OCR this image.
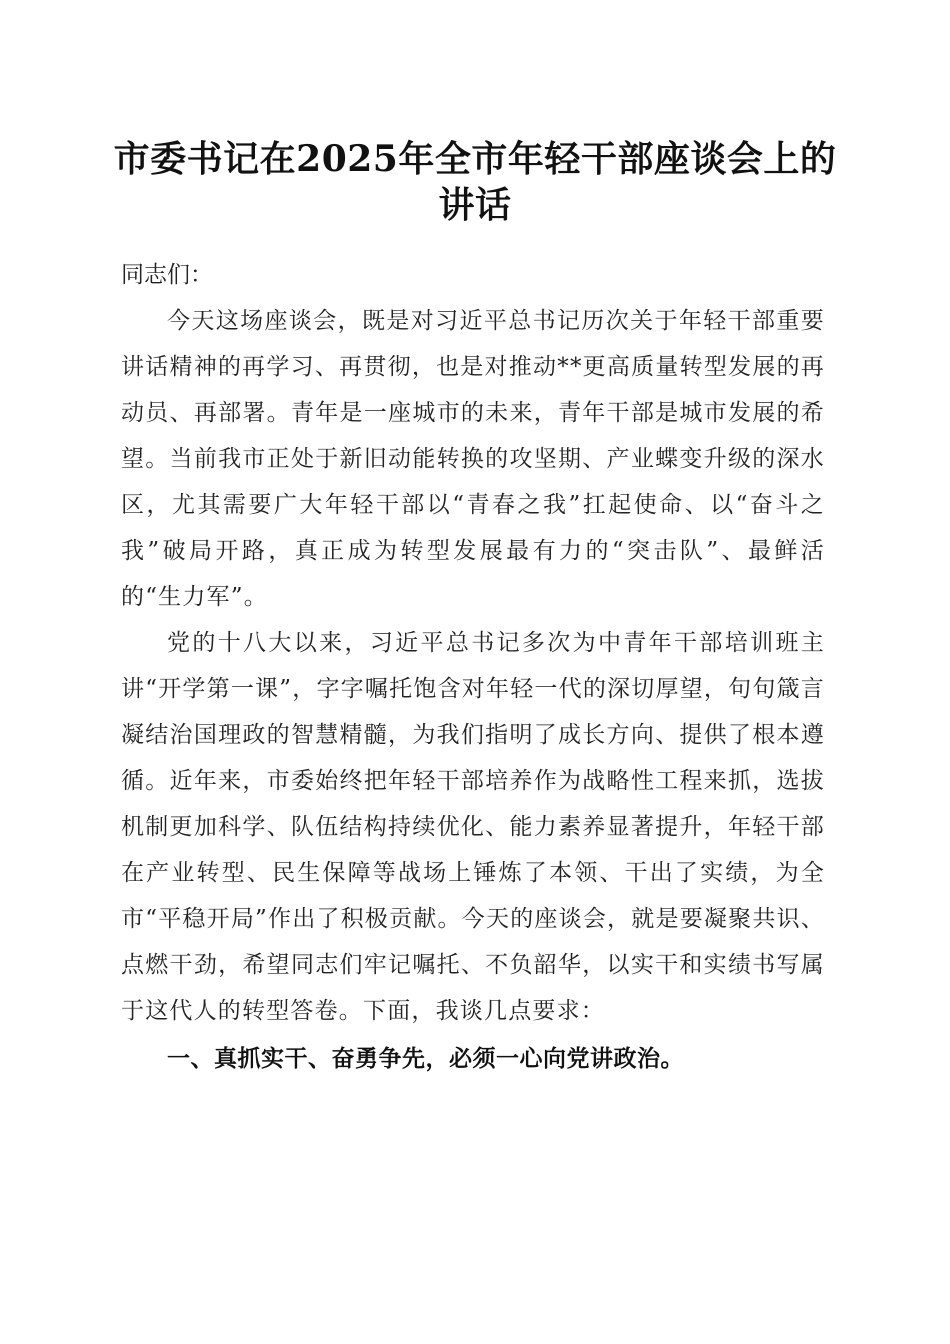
市委书记在2025年全市年轻干部座谈会上的讲话

同志们：

今天这场座谈会，既是对习近平总书记历次关于年轻干部重要讲话精神的再学习、再贯彻，也是对推动**更高质量转型发展的再动员、再部署。青年是一座城市的未来，青年干部是城市发展的希望。当前我市正处于新旧动能转换的攻坚期、产业蝶变升级的深水区，尤其需要广大年轻干部以“青春之我”扛起使命、以“奋斗之我”破局开路，真正成为转型发展最有力的“突击队”、最鲜活的“生力军”。

党的十八大以来，习近平总书记多次为中青年干部培训班主讲“开学第一课”，字字嘱托饱含对年轻一代的深切厚望，句句箴言凝结治国理政的智慧精髓，为我们指明了成长方向、提供了根本遵循。近年来，市委始终把年轻干部培养作为战略性工程来抓，选拔机制更加科学、队伍结构持续优化、能力素养显著提升，年轻干部在产业转型、民生保障等战场上锤炼了本领、干出了实绩，为全市“平稳开局”作出了积极贡献。今天的座谈会，就是要凝聚共识、点燃干劲，希望同志们牢记嘱托、不负韶华，以实干和实绩书写属于这代人的转型答卷。下面，我谈几点要求：

一、真抓实干、奋勇争先，必须一心向党讲政治。
